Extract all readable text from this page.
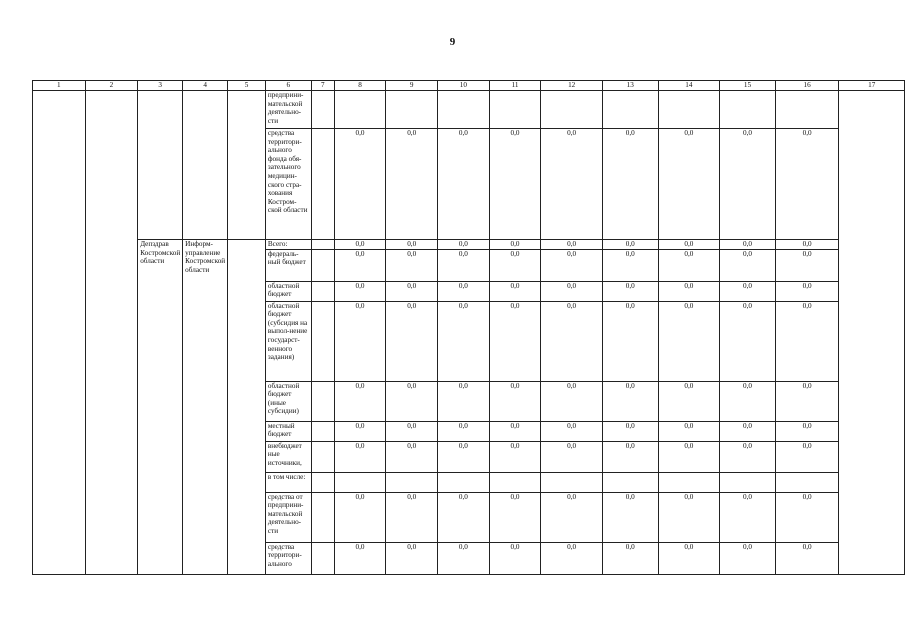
9
1	2	3	4	5	6	7	8	9	10	11	12	13	14	15	16	17
					предприни-мательской деятельно-сти											
					средства территори-ального фонда обя-зательного медицин-ского стра-хования Костром-ской области		0,0	0,0	0,0	0,0	0,0	0,0	0,0	0,0	0,0	
		Депздрав Костромской области	Информ-управление Костромской области		Всего:		0,0	0,0	0,0	0,0	0,0	0,0	0,0	0,0	0,0	
					федераль-ный бюджет		0,0	0,0	0,0	0,0	0,0	0,0	0,0	0,0	0,0	
					областной бюджет		0,0	0,0	0,0	0,0	0,0	0,0	0,0	0,0	0,0	
					областной бюджет (субсидия на выпол-нение государст-венного задания)		0,0	0,0	0,0	0,0	0,0	0,0	0,0	0,0	0,0	
					областной бюджет (иные субсидии)		0,0	0,0	0,0	0,0	0,0	0,0	0,0	0,0	0,0	
					местный бюджет		0,0	0,0	0,0	0,0	0,0	0,0	0,0	0,0	0,0	
					внебюджет ные источники,		0,0	0,0	0,0	0,0	0,0	0,0	0,0	0,0	0,0	
					в том числе:											
					средства от предприни-мательской деятельно-сти		0,0	0,0	0,0	0,0	0,0	0,0	0,0	0,0	0,0	
					средства территори-ального		0,0	0,0	0,0	0,0	0,0	0,0	0,0	0,0	0,0	
